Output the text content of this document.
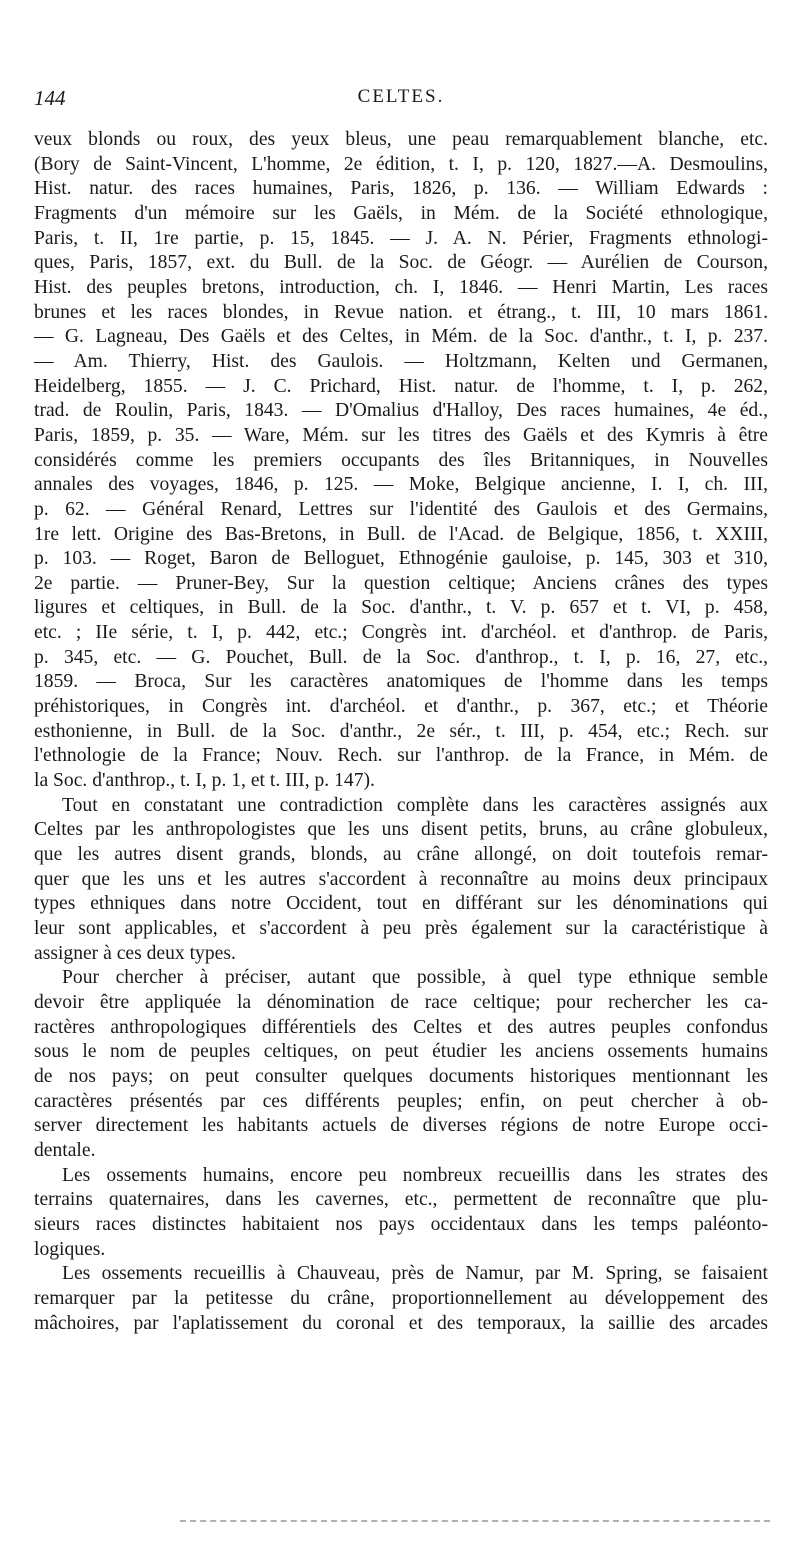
144	CELTES.
veux blonds ou roux, des yeux bleus, une peau remarquablement blanche, etc.
(Bory de Saint-Vincent, L'homme, 2e édition, t. I, p. 120, 1827.—A. Desmoulins,
Hist. natur. des races humaines, Paris, 1826, p. 136. — William Edwards :
Fragments d'un mémoire sur les Gaëls, in Mém. de la Société ethnologique,
Paris, t. II, 1re partie, p. 15, 1845. — J. A. N. Périer, Fragments ethnologi-
ques, Paris, 1857, ext. du Bull. de la Soc. de Géogr. — Aurélien de Courson,
Hist. des peuples bretons, introduction, ch. I, 1846. — Henri Martin, Les races
brunes et les races blondes, in Revue nation. et étrang., t. III, 10 mars 1861.
— G. Lagneau, Des Gaëls et des Celtes, in Mém. de la Soc. d'anthr., t. I, p. 237.
— Am. Thierry, Hist. des Gaulois. — Holtzmann, Kelten und Germanen,
Heidelberg, 1855. — J. C. Prichard, Hist. natur. de l'homme, t. I, p. 262,
trad. de Roulin, Paris, 1843. — D'Omalius d'Halloy, Des races humaines, 4e éd.,
Paris, 1859, p. 35. — Ware, Mém. sur les titres des Gaëls et des Kymris à être
considérés comme les premiers occupants des îles Britanniques, in Nouvelles
annales des voyages, 1846, p. 125. — Moke, Belgique ancienne, I. I, ch. III,
p. 62. — Général Renard, Lettres sur l'identité des Gaulois et des Germains,
1re lett. Origine des Bas-Bretons, in Bull. de l'Acad. de Belgique, 1856, t. XXIII,
p. 103. — Roget, Baron de Belloguet, Ethnogénie gauloise, p. 145, 303 et 310,
2e partie. — Pruner-Bey, Sur la question celtique; Anciens crânes des types
ligures et celtiques, in Bull. de la Soc. d'anthr., t. V. p. 657 et t. VI, p. 458,
etc. ; IIe série, t. I, p. 442, etc.; Congrès int. d'archéol. et d'anthrop. de Paris,
p. 345, etc. — G. Pouchet, Bull. de la Soc. d'anthrop., t. I, p. 16, 27, etc.,
1859. — Broca, Sur les caractères anatomiques de l'homme dans les temps
préhistoriques, in Congrès int. d'archéol. et d'anthr., p. 367, etc.; et Théorie
esthonienne, in Bull. de la Soc. d'anthr., 2e sér., t. III, p. 454, etc.; Rech. sur
l'ethnologie de la France; Nouv. Rech. sur l'anthrop. de la France, in Mém. de
la Soc. d'anthrop., t. I, p. 1, et t. III, p. 147).
Tout en constatant une contradiction complète dans les caractères assignés aux
Celtes par les anthropologistes que les uns disent petits, bruns, au crâne globuleux,
que les autres disent grands, blonds, au crâne allongé, on doit toutefois remar-
quer que les uns et les autres s'accordent à reconnaître au moins deux principaux
types ethniques dans notre Occident, tout en différant sur les dénominations qui
leur sont applicables, et s'accordent à peu près également sur la caractéristique à
assigner à ces deux types.
Pour chercher à préciser, autant que possible, à quel type ethnique semble
devoir être appliquée la dénomination de race celtique; pour rechercher les ca-
ractères anthropologiques différentiels des Celtes et des autres peuples confondus
sous le nom de peuples celtiques, on peut étudier les anciens ossements humains
de nos pays; on peut consulter quelques documents historiques mentionnant les
caractères présentés par ces différents peuples; enfin, on peut chercher à ob-
server directement les habitants actuels de diverses régions de notre Europe occi-
dentale.
Les ossements humains, encore peu nombreux recueillis dans les strates des
terrains quaternaires, dans les cavernes, etc., permettent de reconnaître que plu-
sieurs races distinctes habitaient nos pays occidentaux dans les temps paléonto-
logiques.
Les ossements recueillis à Chauveau, près de Namur, par M. Spring, se faisaient
remarquer par la petitesse du crâne, proportionnellement au développement des
mâchoires, par l'aplatissement du coronal et des temporaux, la saillie des arcades
